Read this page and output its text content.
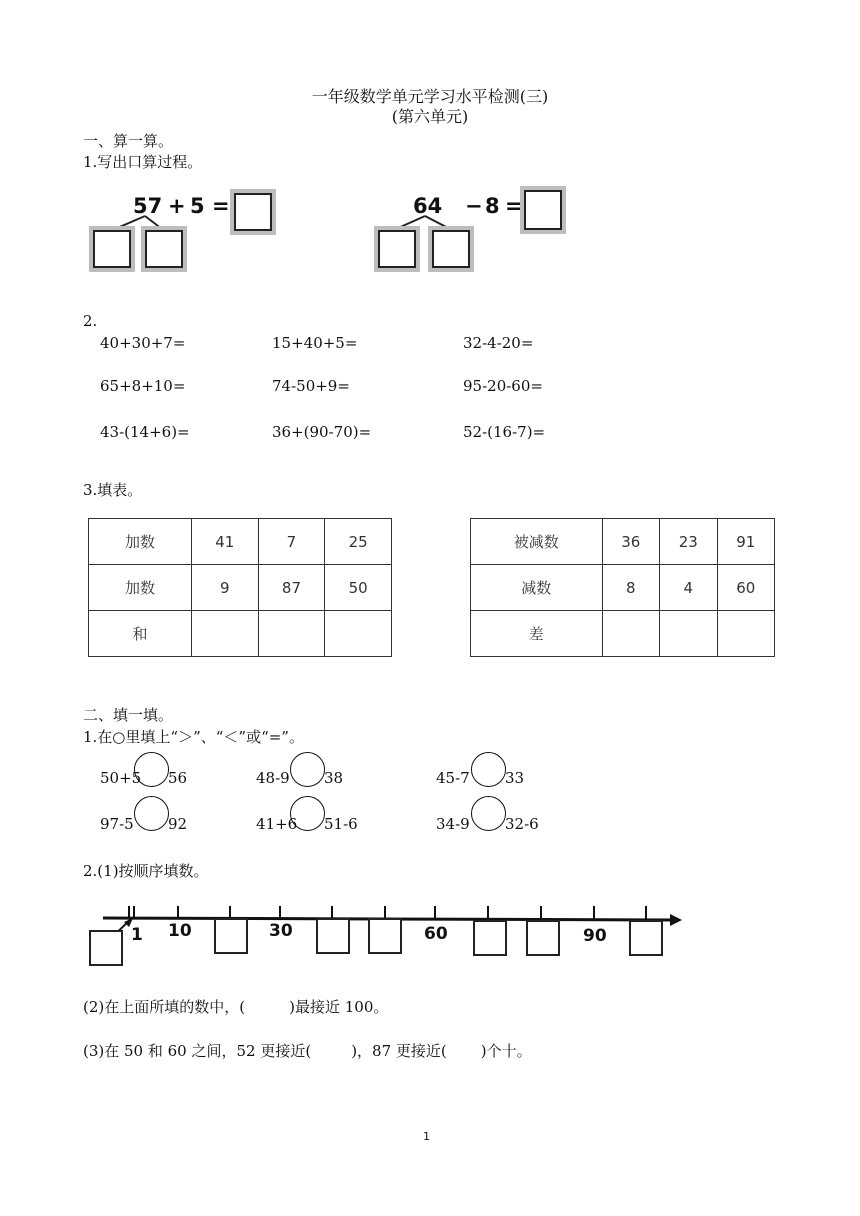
一年级数学单元学习水平检测(三)
(第六单元)
一、算一算。
1.写出口算过程。
57 + 5 =	64 − 8 =
2.
40+30+7=	15+40+5=	32-4-20=
65+8+10=	74-50+9=	95-20-60=
43-(14+6)=	36+(90-70)=	52-(16-7)=
3.填表。
加数	41	7	25
加数	9	87	50
和			
被减数	36	23	91
减数	8	4	60
差			
二、填一填。
1.在○里填上“＞”、“＜”或“=”。
50+5 56	48-9 38	45-7 33
97-5 92	41+6 51-6	34-9 32-6
2.(1)按顺序填数。
1 10	30	60	90
(2)在上面所填的数中，(	)最接近 100。
(3)在 50 和 60 之间，52 更接近(	)，87 更接近( )个十。
1
